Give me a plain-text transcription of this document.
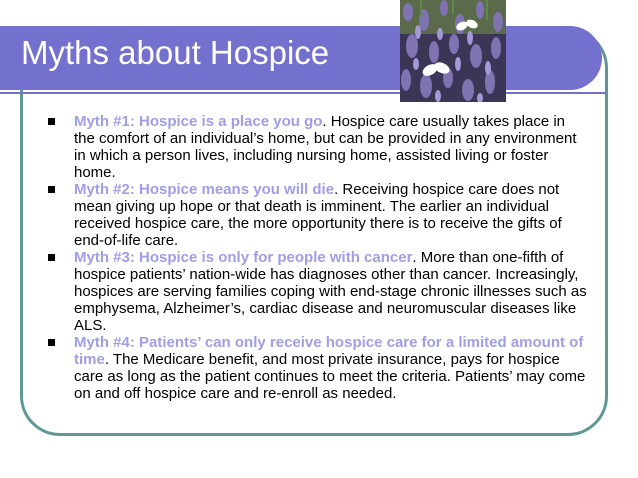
Myths about Hospice
Myth #1: Hospice is a place you go. Hospice care usually takes place in the comfort of an individual’s home, but can be provided in any environment in which a person lives, including nursing home, assisted living or foster home.
Myth #2: Hospice means you will die. Receiving hospice care does not mean giving up hope or that death is imminent. The earlier an individual received hospice care, the more opportunity there is to receive the gifts of end-of-life care.
Myth #3: Hospice is only for people with cancer. More than one-fifth of hospice patients’ nation-wide has diagnoses other than cancer. Increasingly, hospices are serving families coping with end-stage chronic illnesses such as emphysema, Alzheimer’s, cardiac disease and neuromuscular diseases like ALS.
Myth #4: Patients’ can only receive hospice care for a limited amount of time. The Medicare benefit, and most private insurance, pays for hospice care as long as the patient continues to meet the criteria. Patients’ may come on and off hospice care and re-enroll as needed.
